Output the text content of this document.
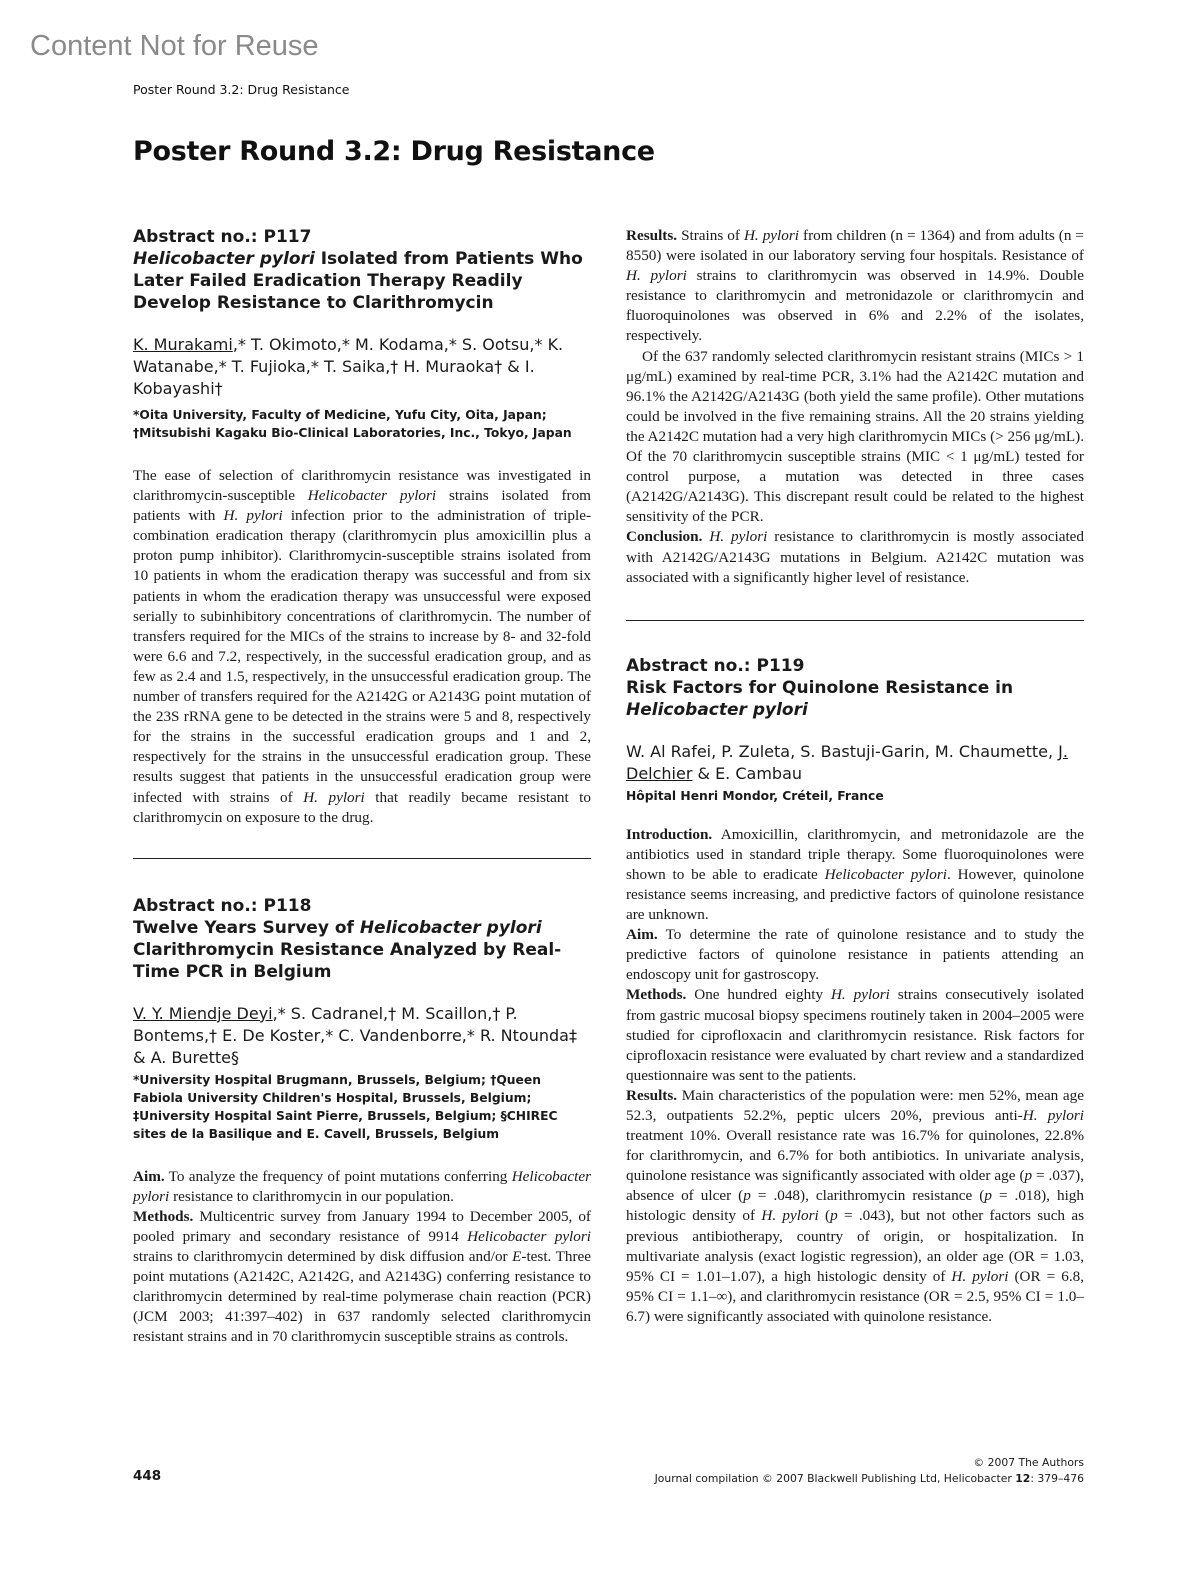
Content Not for Reuse
Poster Round 3.2: Drug Resistance
Poster Round 3.2: Drug Resistance

Abstract no.: P117

Helicobacter pylori Isolated from Patients Who Later Failed Eradication Therapy Readily Develop Resistance to Clarithromycin

K. Murakami,* T. Okimoto,* M. Kodama,* S. Ootsu,* K. Watanabe,* T. Fujioka,* T. Saika,† H. Muraoka† & I. Kobayashi†

*Oita University, Faculty of Medicine, Yufu City, Oita, Japan;
†Mitsubishi Kagaku Bio-Clinical Laboratories, Inc., Tokyo, Japan

The ease of selection of clarithromycin resistance was investigated in clarithromycin-susceptible Helicobacter pylori strains isolated from patients with H. pylori infection prior to the administration of triple-combination eradication therapy (clarithromycin plus amoxicillin plus a proton pump inhibitor). Clarithromycin-susceptible strains isolated from 10 patients in whom the eradication therapy was successful and from six patients in whom the eradication therapy was unsuccessful were exposed serially to subinhibitory concentrations of clarithromycin. The number of transfers required for the MICs of the strains to increase by 8- and 32-fold were 6.6 and 7.2, respectively, in the successful eradication group, and as few as 2.4 and 1.5, respectively, in the unsuccessful eradication group. The number of transfers required for the A2142G or A2143G point mutation of the 23S rRNA gene to be detected in the strains were 5 and 8, respectively for the strains in the successful eradication groups and 1 and 2, respectively for the strains in the unsuccessful eradication group. These results suggest that patients in the unsuccessful eradication group were infected with strains of H. pylori that readily became resistant to clarithromycin on exposure to the drug.

Abstract no.: P118

Twelve Years Survey of Helicobacter pylori Clarithromycin Resistance Analyzed by Real-Time PCR in Belgium

V. Y. Miendje Deyi,* S. Cadranel,† M. Scaillon,† P. Bontems,† E. De Koster,* C. Vandenborre,* R. Ntounda‡ & A. Burette§

*University Hospital Brugmann, Brussels, Belgium; †Queen Fabiola University Children's Hospital, Brussels, Belgium; ‡University Hospital Saint Pierre, Brussels, Belgium; §CHIREC sites de la Basilique and E. Cavell, Brussels, Belgium

Aim. To analyze the frequency of point mutations conferring Helicobacter pylori resistance to clarithromycin in our population.

Methods. Multicentric survey from January 1994 to December 2005, of pooled primary and secondary resistance of 9914 Helicobacter pylori strains to clarithromycin determined by disk diffusion and/or E-test. Three point mutations (A2142C, A2142G, and A2143G) conferring resistance to clarithromycin determined by real-time polymerase chain reaction (PCR) (JCM 2003; 41:397–402) in 637 randomly selected clarithromycin resistant strains and in 70 clarithromycin susceptible strains as controls.

Results. Strains of H. pylori from children (n = 1364) and from adults (n = 8550) were isolated in our laboratory serving four hospitals. Resistance of H. pylori strains to clarithromycin was observed in 14.9%. Double resistance to clarithromycin and metronidazole or clarithromycin and fluoroquinolones was observed in 6% and 2.2% of the isolates, respectively.

Of the 637 randomly selected clarithromycin resistant strains (MICs > 1 μg/mL) examined by real-time PCR, 3.1% had the A2142C mutation and 96.1% the A2142G/A2143G (both yield the same profile). Other mutations could be involved in the five remaining strains. All the 20 strains yielding the A2142C mutation had a very high clarithromycin MICs (> 256 μg/mL). Of the 70 clarithromycin susceptible strains (MIC < 1 μg/mL) tested for control purpose, a mutation was detected in three cases (A2142G/A2143G). This discrepant result could be related to the highest sensitivity of the PCR.

Conclusion. H. pylori resistance to clarithromycin is mostly associated with A2142G/A2143G mutations in Belgium. A2142C mutation was associated with a significantly higher level of resistance.

Abstract no.: P119

Risk Factors for Quinolone Resistance in
Helicobacter pylori

W. Al Rafei, P. Zuleta, S. Bastuji-Garin, M. Chaumette, J. Delchier & E. Cambau

Hôpital Henri Mondor, Créteil, France

Introduction. Amoxicillin, clarithromycin, and metronidazole are the antibiotics used in standard triple therapy. Some fluoroquinolones were shown to be able to eradicate Helicobacter pylori. However, quinolone resistance seems increasing, and predictive factors of quinolone resistance are unknown.

Aim. To determine the rate of quinolone resistance and to study the predictive factors of quinolone resistance in patients attending an endoscopy unit for gastroscopy.

Methods. One hundred eighty H. pylori strains consecutively isolated from gastric mucosal biopsy specimens routinely taken in 2004–2005 were studied for ciprofloxacin and clarithromycin resistance. Risk factors for ciprofloxacin resistance were evaluated by chart review and a standardized questionnaire was sent to the patients.

Results. Main characteristics of the population were: men 52%, mean age 52.3, outpatients 52.2%, peptic ulcers 20%, previous anti-H. pylori treatment 10%. Overall resistance rate was 16.7% for quinolones, 22.8% for clarithromycin, and 6.7% for both antibiotics. In univariate analysis, quinolone resistance was significantly associated with older age (p = .037), absence of ulcer (p = .048), clarithromycin resistance (p = .018), high histologic density of H. pylori (p = .043), but not other factors such as previous antibiotherapy, country of origin, or hospitalization. In multivariate analysis (exact logistic regression), an older age (OR = 1.03, 95% CI = 1.01–1.07), a high histologic density of H. pylori (OR = 6.8, 95% CI = 1.1–∞), and clarithromycin resistance (OR = 2.5, 95% CI = 1.0–6.7) were significantly associated with quinolone resistance.

448
© 2007 The Authors
Journal compilation © 2007 Blackwell Publishing Ltd, Helicobacter 12: 379–476
